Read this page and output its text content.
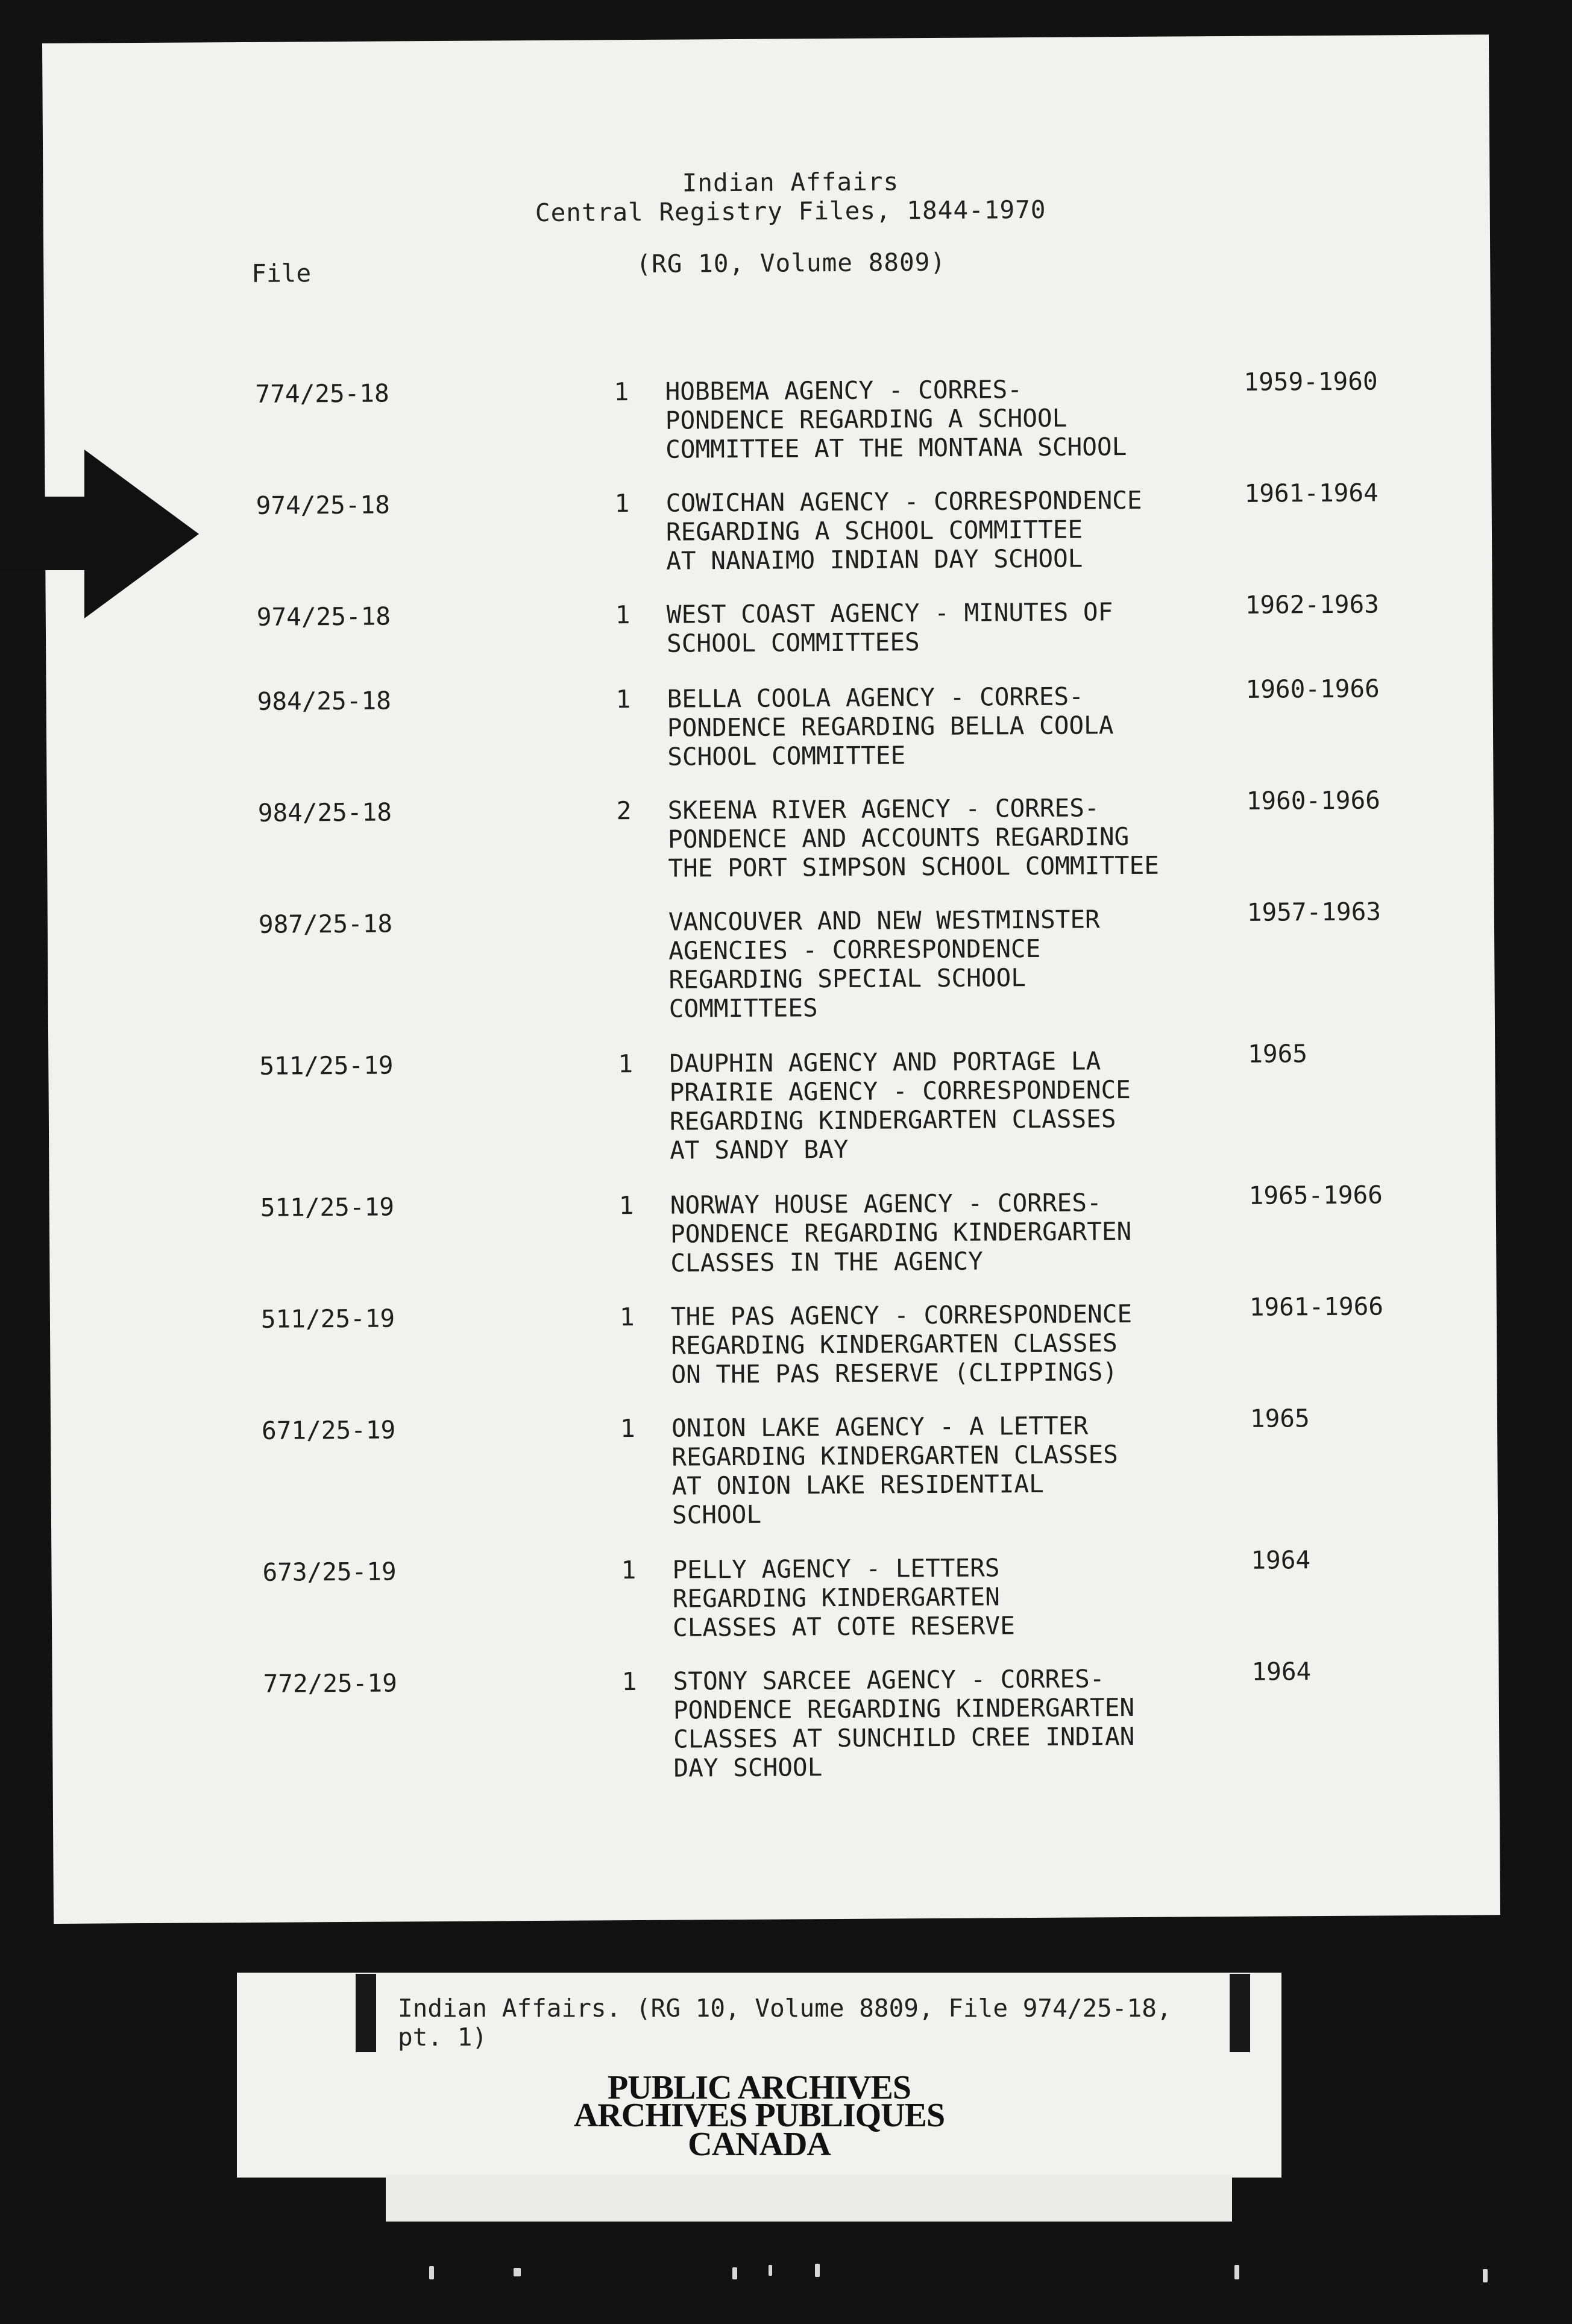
Indian Affairs
Central Registry Files, 1844-1970
(RG 10, Volume 8809)
File
774/25-18	1 HOBBEMA AGENCY - CORRES-
PONDENCE REGARDING A SCHOOL
COMMITTEE AT THE MONTANA SCHOOL
1959-1960
974/25-18	1 COWICHAN AGENCY - CORRESPONDENCE
REGARDING A SCHOOL COMMITTEE
AT NANAIMO INDIAN DAY SCHOOL
1961-1964
974/25-18	1 WEST COAST AGENCY - MINUTES OF
SCHOOL COMMITTEES
1962-1963
984/25-18	1 BELLA COOLA AGENCY - CORRES-
PONDENCE REGARDING BELLA COOLA
SCHOOL COMMITTEE
1960-1966
984/25-18	2 SKEENA RIVER AGENCY - CORRES-
PONDENCE AND ACCOUNTS REGARDING
THE PORT SIMPSON SCHOOL COMMITTEE
1960-1966
987/25-18	VANCOUVER AND NEW WESTMINSTER
AGENCIES - CORRESPONDENCE
REGARDING SPECIAL SCHOOL
COMMITTEES
1957-1963
511/25-19	1 DAUPHIN AGENCY AND PORTAGE LA
PRAIRIE AGENCY - CORRESPONDENCE
REGARDING KINDERGARTEN CLASSES
AT SANDY BAY
1965
511/25-19	1 NORWAY HOUSE AGENCY - CORRES-
PONDENCE REGARDING KINDERGARTEN
CLASSES IN THE AGENCY
1965-1966
511/25-19	1 THE PAS AGENCY - CORRESPONDENCE
REGARDING KINDERGARTEN CLASSES
ON THE PAS RESERVE (CLIPPINGS)
1961-1966
671/25-19	1 ONION LAKE AGENCY - A LETTER
REGARDING KINDERGARTEN CLASSES
AT ONION LAKE RESIDENTIAL
SCHOOL
1965
673/25-19	1 PELLY AGENCY - LETTERS
REGARDING KINDERGARTEN
CLASSES AT COTE RESERVE
1964
772/25-19	1 STONY SARCEE AGENCY - CORRES-
PONDENCE REGARDING KINDERGARTEN
CLASSES AT SUNCHILD CREE INDIAN
DAY SCHOOL
1964
Indian Affairs. (RG 10, Volume 8809, File 974/25-18,
pt. 1)
PUBLIC ARCHIVES
ARCHIVES PUBLIQUES
CANADA
